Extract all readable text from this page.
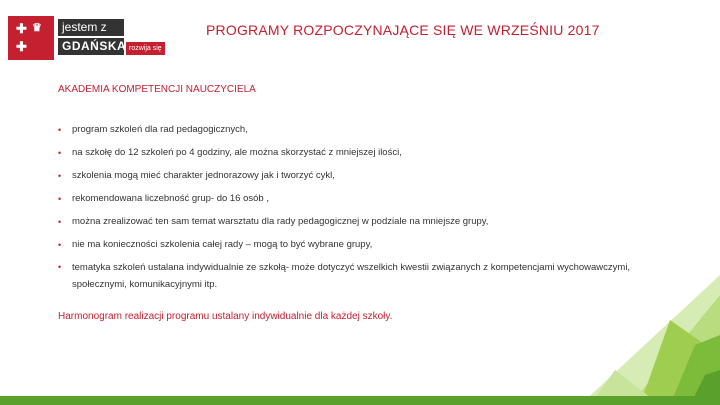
✚
✚
♛	jestem z
GDAŃSKA rozwija się
PROGRAMY ROZPOCZYNAJĄCE SIĘ WE WRZEŚNIU 2017
AKADEMIA KOMPETENCJI NAUCZYCIELA
• program szkoleń dla rad pedagogicznych,
• na szkołę do 12 szkoleń po 4 godziny, ale można skorzystać z mniejszej ilości,
• szkolenia mogą mieć charakter jednorazowy jak i tworzyć cykl,
• rekomendowana liczebność grup- do 16 osób ,
• można zrealizować ten sam temat warsztatu dla rady pedagogicznej w podziale na mniejsze grupy,
• nie ma konieczności szkolenia całej rady – mogą to być wybrane grupy,
• tematyka szkoleń ustalana indywidualnie ze szkołą- może dotyczyć wszelkich kwestii związanych z kompetencjami wychowawczymi, społecznymi, komunikacyjnymi itp.
Harmonogram realizacji programu ustalany indywidualnie dla każdej szkoły.
